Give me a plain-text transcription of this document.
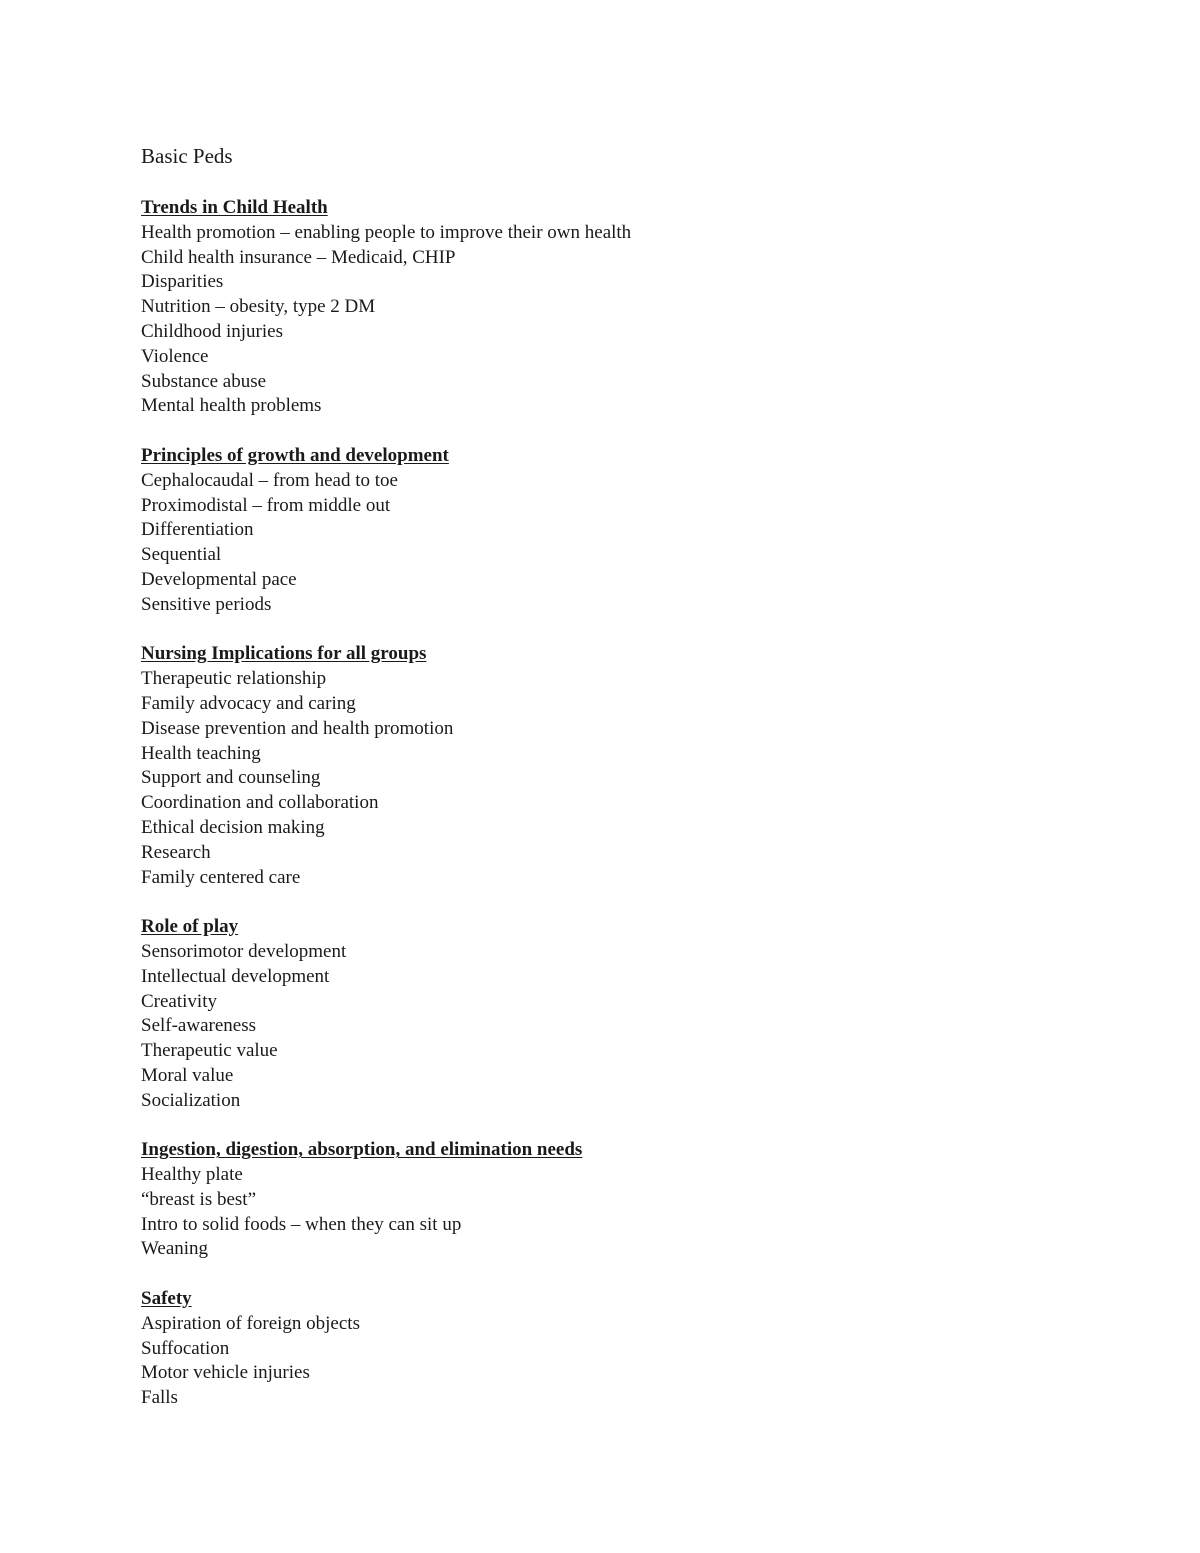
Basic Peds
Trends in Child Health
Health promotion – enabling people to improve their own health
Child health insurance – Medicaid, CHIP
Disparities
Nutrition – obesity, type 2 DM
Childhood injuries
Violence
Substance abuse
Mental health problems
Principles of growth and development
Cephalocaudal – from head to toe
Proximodistal – from middle out
Differentiation
Sequential
Developmental pace
Sensitive periods
Nursing Implications for all groups
Therapeutic relationship
Family advocacy and caring
Disease prevention and health promotion
Health teaching
Support and counseling
Coordination and collaboration
Ethical decision making
Research
Family centered care
Role of play
Sensorimotor development
Intellectual development
Creativity
Self-awareness
Therapeutic value
Moral value
Socialization
Ingestion, digestion, absorption, and elimination needs
Healthy plate
“breast is best”
Intro to solid foods – when they can sit up
Weaning
Safety
Aspiration of foreign objects
Suffocation
Motor vehicle injuries
Falls
